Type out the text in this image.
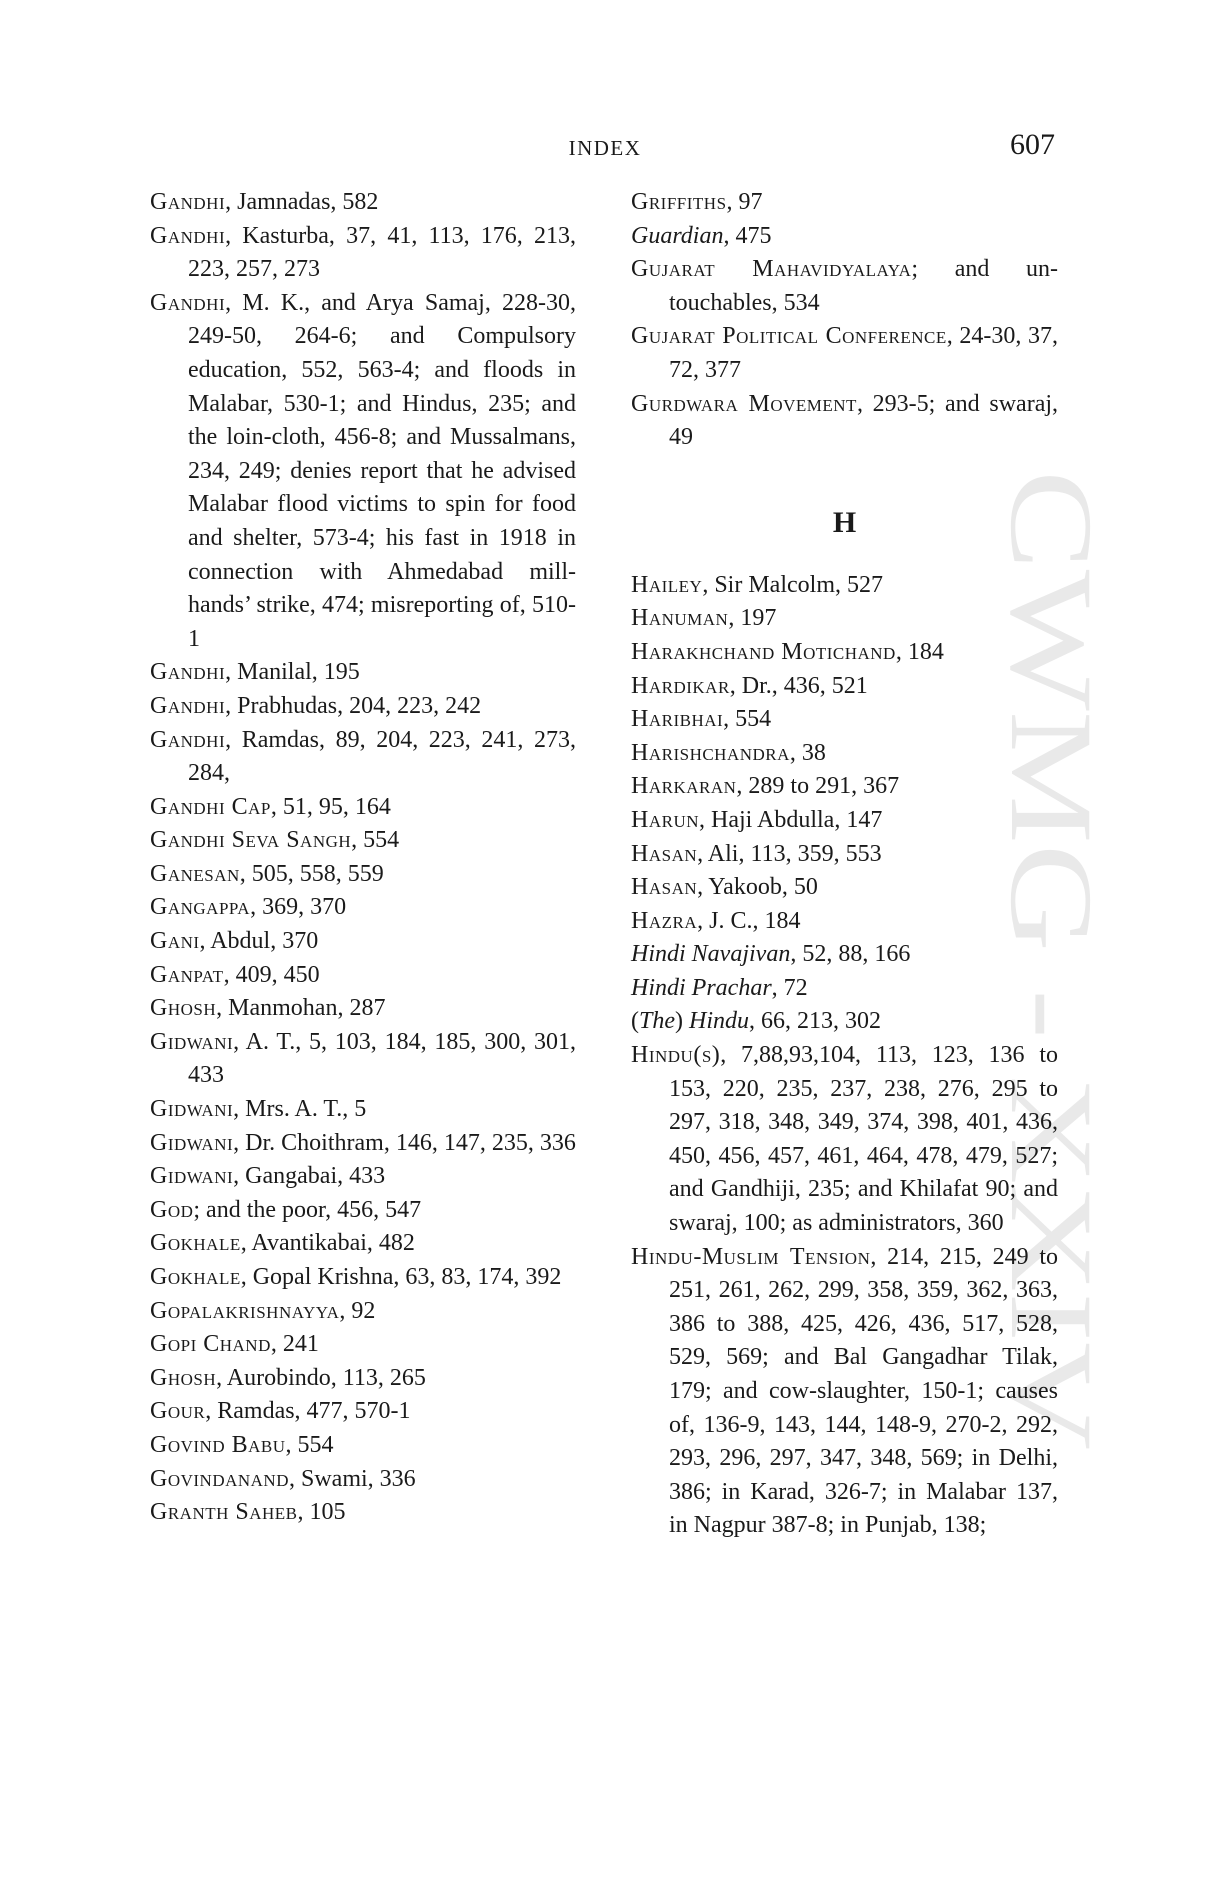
CWMG - XXIV
INDEX	607

Gandhi, Jamnadas, 582

Gandhi, Kasturba, 37, 41, 113, 176, 213, 223, 257, 273

Gandhi, M. K., and Arya Samaj, 228-30, 249-50, 264-6; and Compulsory education, 552, 563-4; and floods in Malabar, 530-1; and Hindus, 235; and the loin-cloth, 456-8; and Mussalmans, 234, 249; denies report that he advised Malabar flood victims to spin for food and shelter, 573-4; his fast in 1918 in connection with Ahmedabad mill-hands’ strike, 474; misreporting of, 510-1

Gandhi, Manilal, 195

Gandhi, Prabhudas, 204, 223, 242

Gandhi, Ramdas, 89, 204, 223, 241, 273, 284,

Gandhi Cap, 51, 95, 164

Gandhi Seva Sangh, 554

Ganesan, 505, 558, 559

Gangappa, 369, 370

Gani, Abdul, 370

Ganpat, 409, 450

Ghosh, Manmohan, 287

Gidwani, A. T., 5, 103, 184, 185, 300, 301, 433

Gidwani, Mrs. A. T., 5

Gidwani, Dr. Choithram, 146, 147, 235, 336

Gidwani, Gangabai, 433

God; and the poor, 456, 547

Gokhale, Avantikabai, 482

Gokhale, Gopal Krishna, 63, 83, 174, 392

Gopalakrishnayya, 92

Gopi Chand, 241

Ghosh, Aurobindo, 113, 265

Gour, Ramdas, 477, 570-1

Govind Babu, 554

Govindanand, Swami, 336

Granth Saheb, 105

Griffiths, 97

Guardian, 475

Gujarat Mahavidyalaya; and un-touchables, 534

Gujarat Political Conference, 24-30, 37, 72, 377

Gurdwara Movement, 293-5; and swaraj, 49

H

Hailey, Sir Malcolm, 527

Hanuman, 197

Harakhchand Motichand, 184

Hardikar, Dr., 436, 521

Haribhai, 554

Harishchandra, 38

Harkaran, 289 to 291, 367

Harun, Haji Abdulla, 147

Hasan, Ali, 113, 359, 553

Hasan, Yakoob, 50

Hazra, J. C., 184

Hindi Navajivan, 52, 88, 166

Hindi Prachar, 72

(The) Hindu, 66, 213, 302

Hindu(s), 7,88,93,104, 113, 123, 136 to 153, 220, 235, 237, 238, 276, 295 to 297, 318, 348, 349, 374, 398, 401, 436, 450, 456, 457, 461, 464, 478, 479, 527; and Gandhiji, 235; and Khilafat 90; and swaraj, 100; as administrators, 360

Hindu-Muslim Tension, 214, 215, 249 to 251, 261, 262, 299, 358, 359, 362, 363, 386 to 388, 425, 426, 436, 517, 528, 529, 569; and Bal Gangadhar Tilak, 179; and cow-slaughter, 150-1; causes of, 136-9, 143, 144, 148-9, 270-2, 292, 293, 296, 297, 347, 348, 569; in Delhi, 386; in Karad, 326-7; in Malabar 137, in Nagpur 387-8; in Punjab, 138;
